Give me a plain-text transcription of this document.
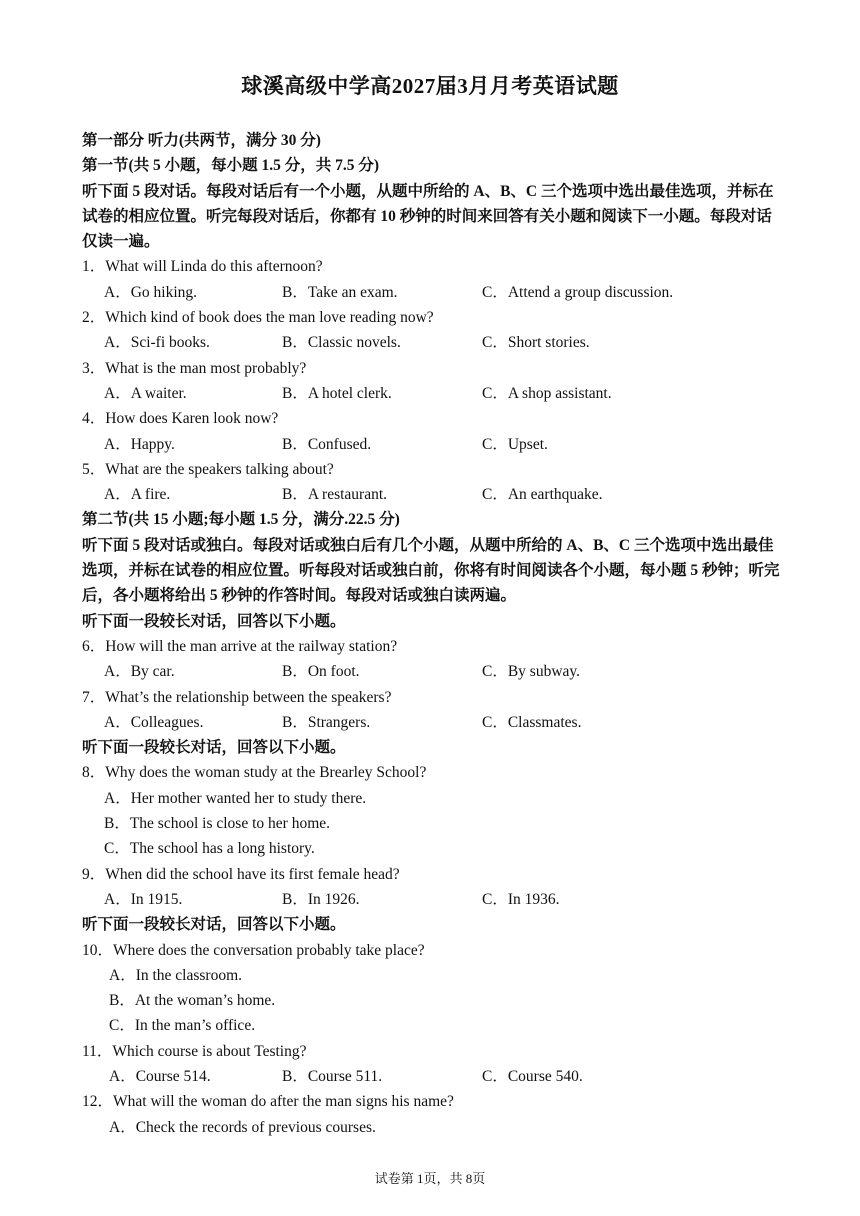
球溪高级中学高2027届3月月考英语试题
第一部分 听力(共两节，满分 30 分)
第一节(共 5 小题，每小题 1.5 分，共 7.5 分)
听下面 5 段对话。每段对话后有一个小题，从题中所给的 A、B、C 三个选项中选出最佳选项，并标在试卷的相应位置。听完每段对话后，你都有 10 秒钟的时间来回答有关小题和阅读下一小题。每段对话仅读一遍。
1．What will Linda do this afternoon?
A．Go hiking.	B．Take an exam.	C．Attend a group discussion.
2．Which kind of book does the man love reading now?
A．Sci-fi books.	B．Classic novels.	C．Short stories.
3．What is the man most probably?
A．A waiter.	B．A hotel clerk.	C．A shop assistant.
4．How does Karen look now?
A．Happy.	B．Confused.	C．Upset.
5．What are the speakers talking about?
A．A fire.	B．A restaurant.	C．An earthquake.
第二节(共 15 小题;每小题 1.5 分，满分.22.5 分)
听下面 5 段对话或独白。每段对话或独白后有几个小题，从题中所给的 A、B、C 三个选项中选出最佳选项，并标在试卷的相应位置。听每段对话或独白前，你将有时间阅读各个小题，每小题 5 秒钟；听完后，各小题将给出 5 秒钟的作答时间。每段对话或独白读两遍。
听下面一段较长对话，回答以下小题。
6．How will the man arrive at the railway station?
A．By car.	B．On foot.	C．By subway.
7．What’s the relationship between the speakers?
A．Colleagues.	B．Strangers.	C．Classmates.
听下面一段较长对话，回答以下小题。
8．Why does the woman study at the Brearley School?
A．Her mother wanted her to study there.
B．The school is close to her home.
C．The school has a long history.
9．When did the school have its first female head?
A．In 1915.	B．In 1926.	C．In 1936.
听下面一段较长对话，回答以下小题。
10．Where does the conversation probably take place?
A．In the classroom.
B．At the woman’s home.
C．In the man’s office.
11．Which course is about Testing?
A．Course 514.	B．Course 511.	C．Course 540.
12．What will the woman do after the man signs his name?
A．Check the records of previous courses.
试卷第 1页，共 8页
